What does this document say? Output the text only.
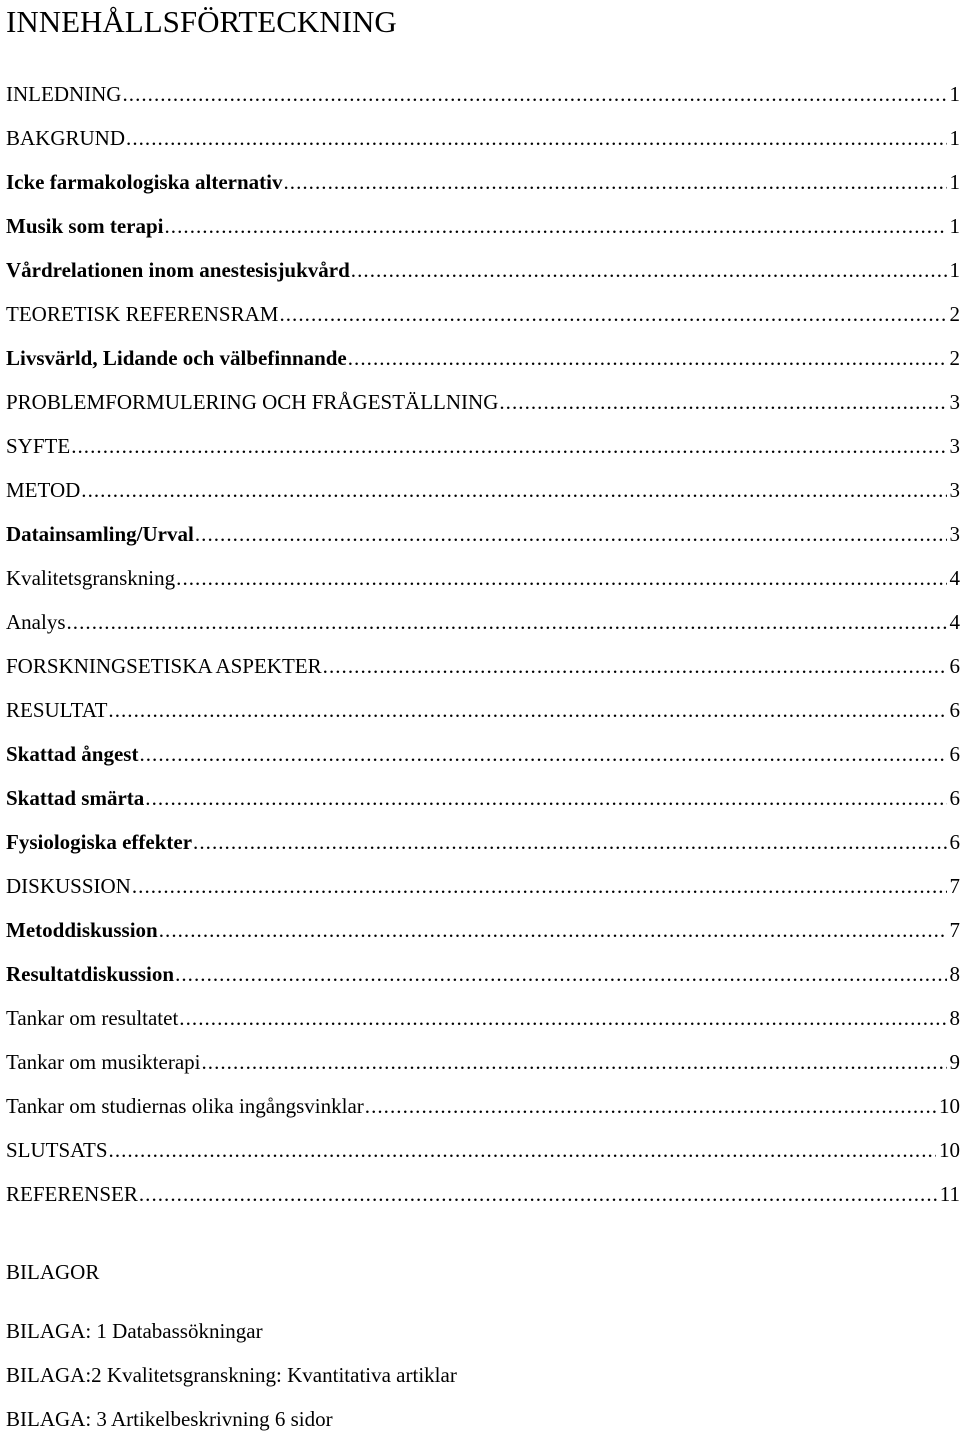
INNEHÅLLSFÖRTECKNING
INLEDNING . . .	1
BAKGRUND . . .	1
Icke farmakologiska alternativ . . .	1
Musik som terapi . . .	1
Vårdrelationen inom anestesisjukvård . . .	1
TEORETISK REFERENSRAM . . .	2
Livsvärld, Lidande och välbefinnande . . .	2
PROBLEMFORMULERING OCH FRÅGESTÄLLNING . . .	3
SYFTE . . .	3
METOD . . .	3
Datainsamling/Urval . . .	3
Kvalitetsgranskning . . .	4
Analys . . .	4
FORSKNINGSETISKA ASPEKTER . . .	6
RESULTAT . . .	6
Skattad ångest . . .	6
Skattad smärta . . .	6
Fysiologiska effekter . . .	6
DISKUSSION . . .	7
Metoddiskussion . . .	7
Resultatdiskussion . . .	8
Tankar om resultatet . . .	8
Tankar om musikterapi . . .	9
Tankar om studiernas olika ingångsvinklar . . .	10
SLUTSATS . . .	10
REFERENSER . . .	11
BILAGOR
BILAGA: 1 Databassökningar
BILAGA:2 Kvalitetsgranskning: Kvantitativa artiklar
BILAGA: 3 Artikelbeskrivning 6 sidor
